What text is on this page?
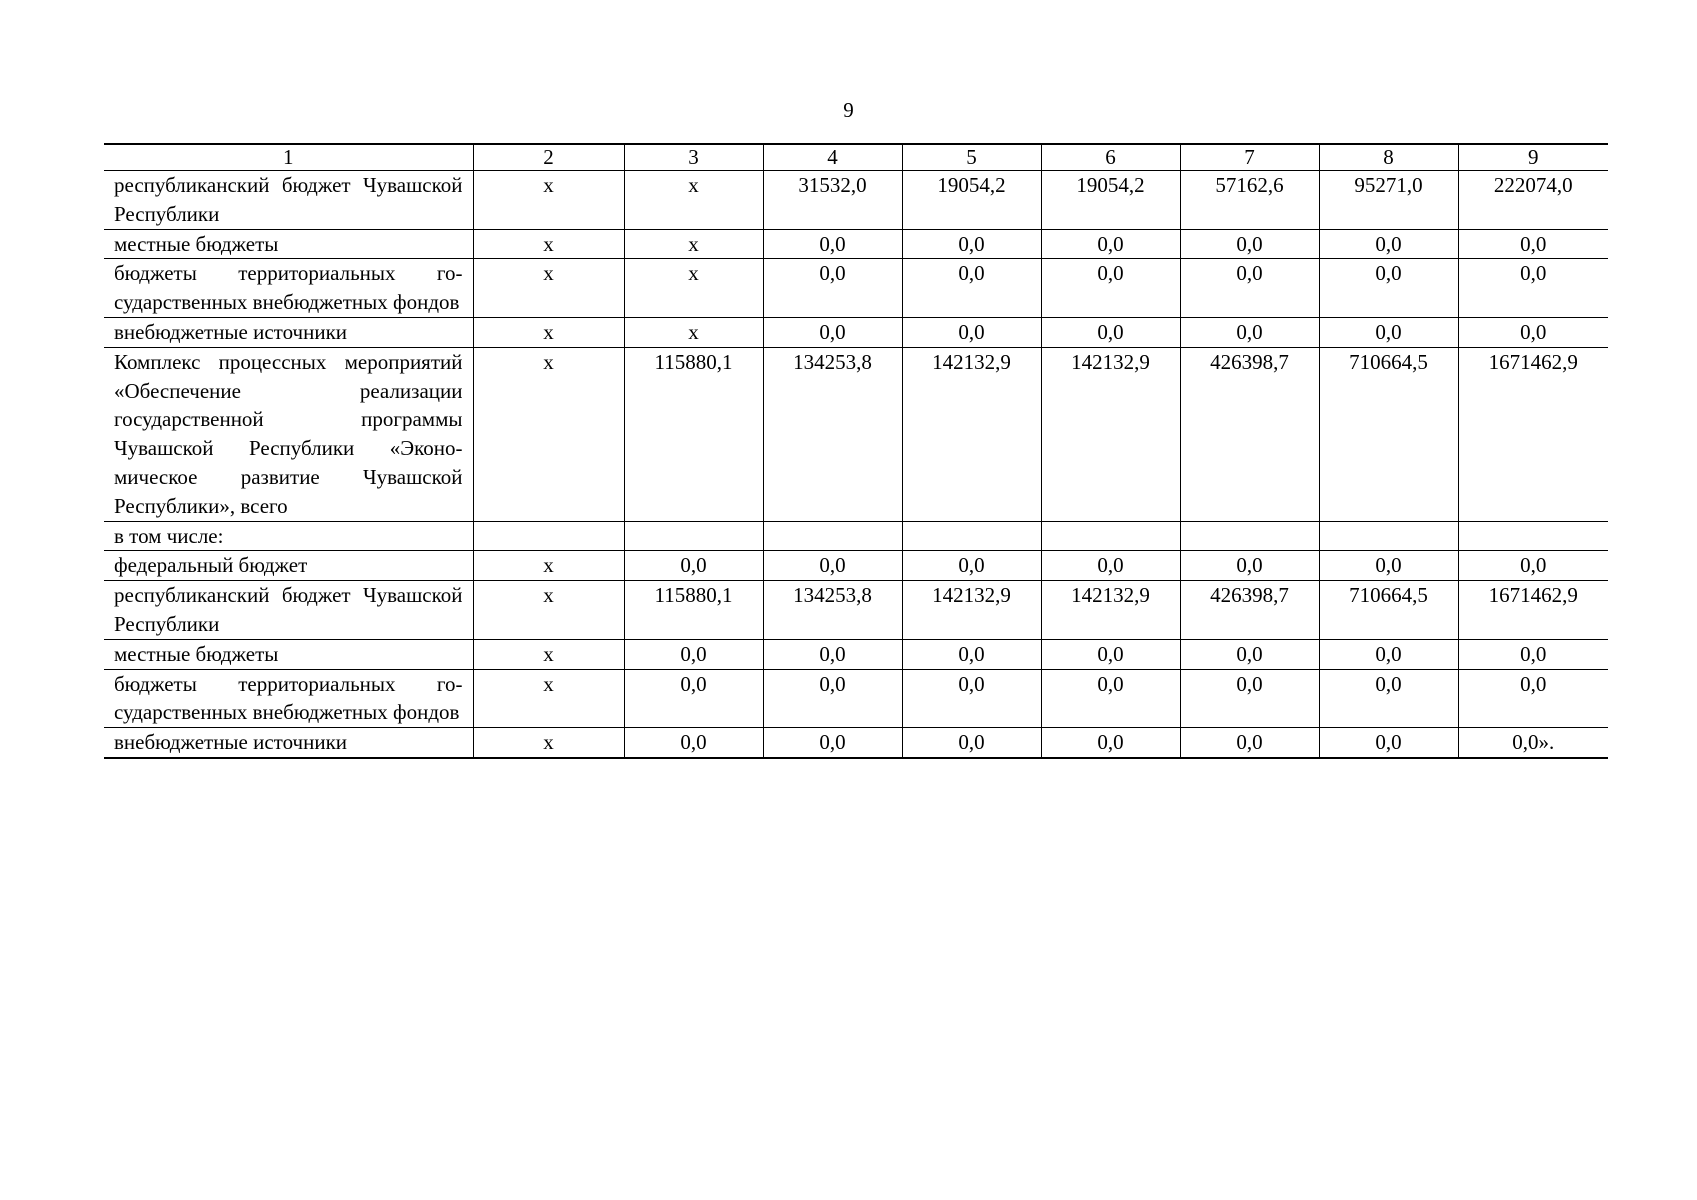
9
1	2	3	4	5	6	7	8	9
республиканский бюджет Чувашской Республики	х	х	31532,0	19054,2	19054,2	57162,6	95271,0	222074,0
местные бюджеты	х	х	0,0	0,0	0,0	0,0	0,0	0,0
бюджеты территориальных государственных внебюджетных фондов	х	х	0,0	0,0	0,0	0,0	0,0	0,0
внебюджетные источники	х	х	0,0	0,0	0,0	0,0	0,0	0,0
Комплекс процессных мероприятий «Обеспечение реализации государственной программы Чувашской Республики «Экономическое развитие Чувашской Республики», всего	х	115880,1	134253,8	142132,9	142132,9	426398,7	710664,5	1671462,9
в том числе:								
федеральный бюджет	х	0,0	0,0	0,0	0,0	0,0	0,0	0,0
республиканский бюджет Чувашской Республики	х	115880,1	134253,8	142132,9	142132,9	426398,7	710664,5	1671462,9
местные бюджеты	х	0,0	0,0	0,0	0,0	0,0	0,0	0,0
бюджеты территориальных государственных внебюджетных фондов	х	0,0	0,0	0,0	0,0	0,0	0,0	0,0
внебюджетные источники	х	0,0	0,0	0,0	0,0	0,0	0,0	0,0».
